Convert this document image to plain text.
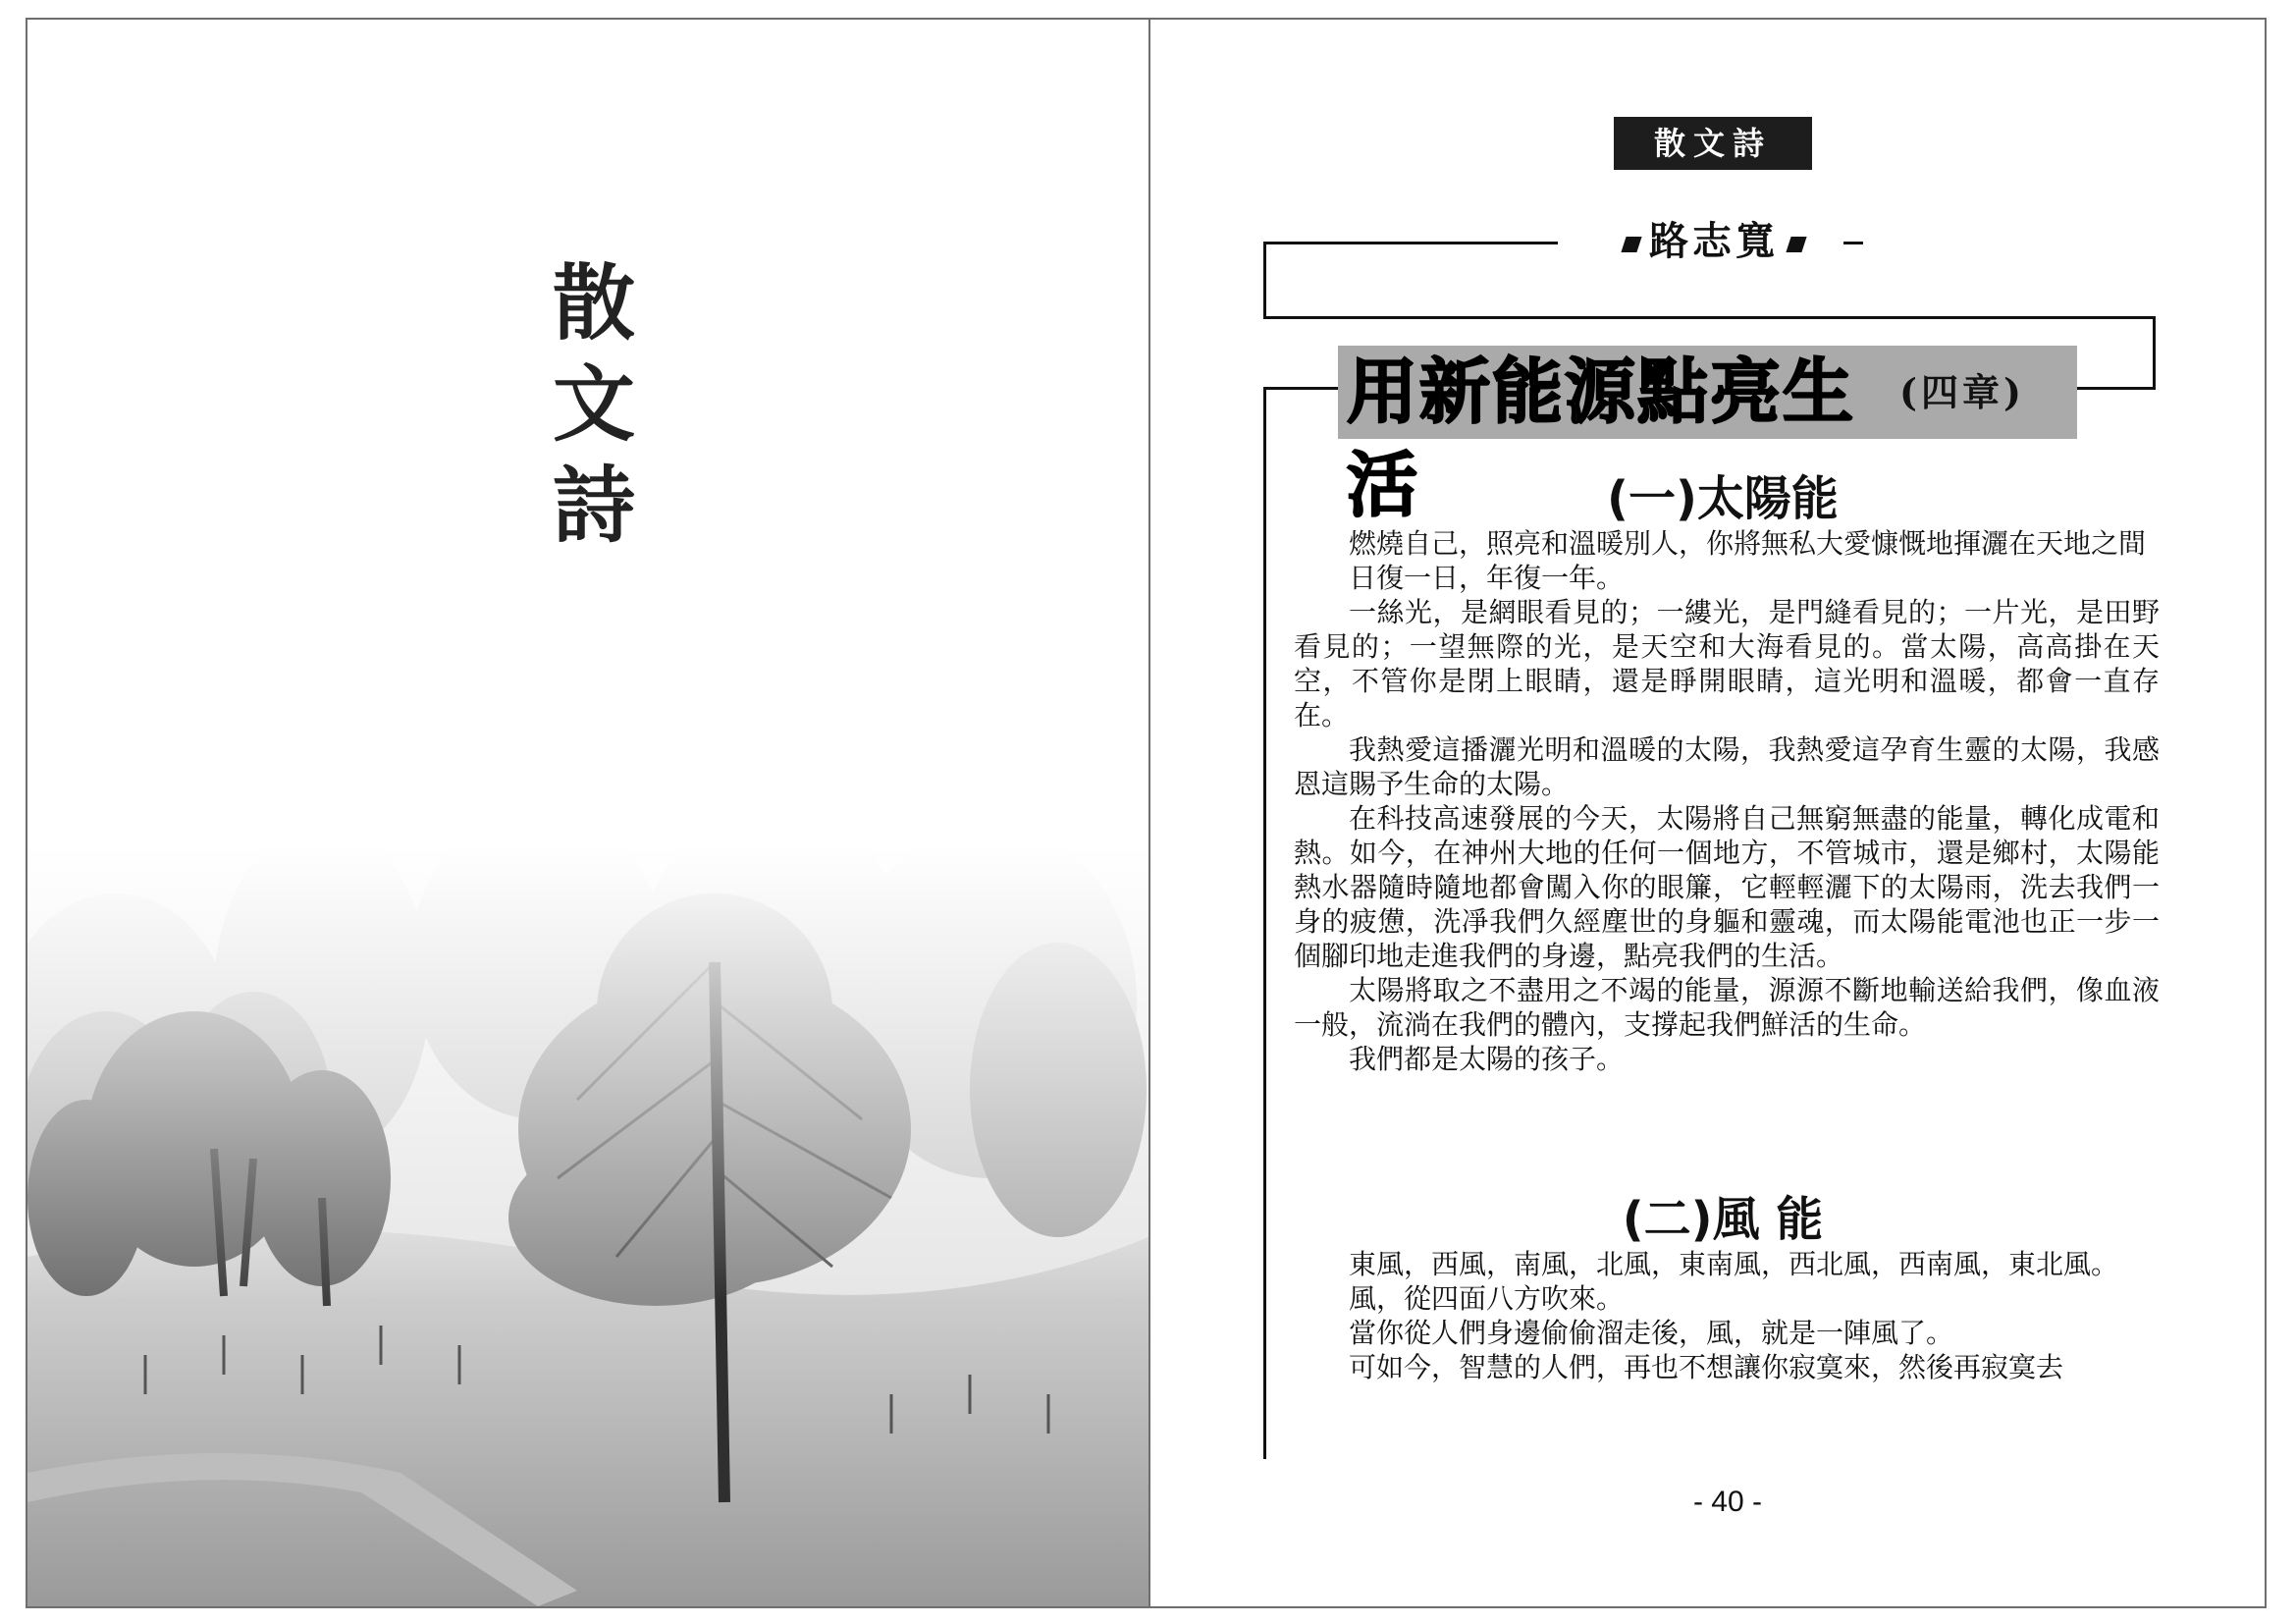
散
文
詩
散文詩
路志寬
用新能源點亮生活
(四章)
(一)太陽能

燃燒自己，照亮和溫暖別人，你將無私大愛慷慨地揮灑在天地之間

日復一日，年復一年。

一絲光，是網眼看見的；一縷光，是門縫看見的；一片光，是田野看見的；一望無際的光，是天空和大海看見的。當太陽，高高掛在天空，不管你是閉上眼睛，還是睜開眼睛，這光明和溫暖，都會一直存在。

我熱愛這播灑光明和溫暖的太陽，我熱愛這孕育生靈的太陽，我感恩這賜予生命的太陽。

在科技高速發展的今天，太陽將自己無窮無盡的能量，轉化成電和熱。如今，在神州大地的任何一個地方，不管城市，還是鄉村，太陽能熱水器隨時隨地都會闖入你的眼簾，它輕輕灑下的太陽雨，洗去我們一身的疲憊，洗凈我們久經塵世的身軀和靈魂，而太陽能電池也正一步一個腳印地走進我們的身邊，點亮我們的生活。

太陽將取之不盡用之不竭的能量，源源不斷地輸送給我們，像血液一般，流淌在我們的體內，支撐起我們鮮活的生命。

我們都是太陽的孩子。

(二)風 能

東風，西風，南風，北風，東南風，西北風，西南風，東北風。

風，從四面八方吹來。

當你從人們身邊偷偷溜走後，風，就是一陣風了。

可如今，智慧的人們，再也不想讓你寂寞來，然後再寂寞去

- 40 -
